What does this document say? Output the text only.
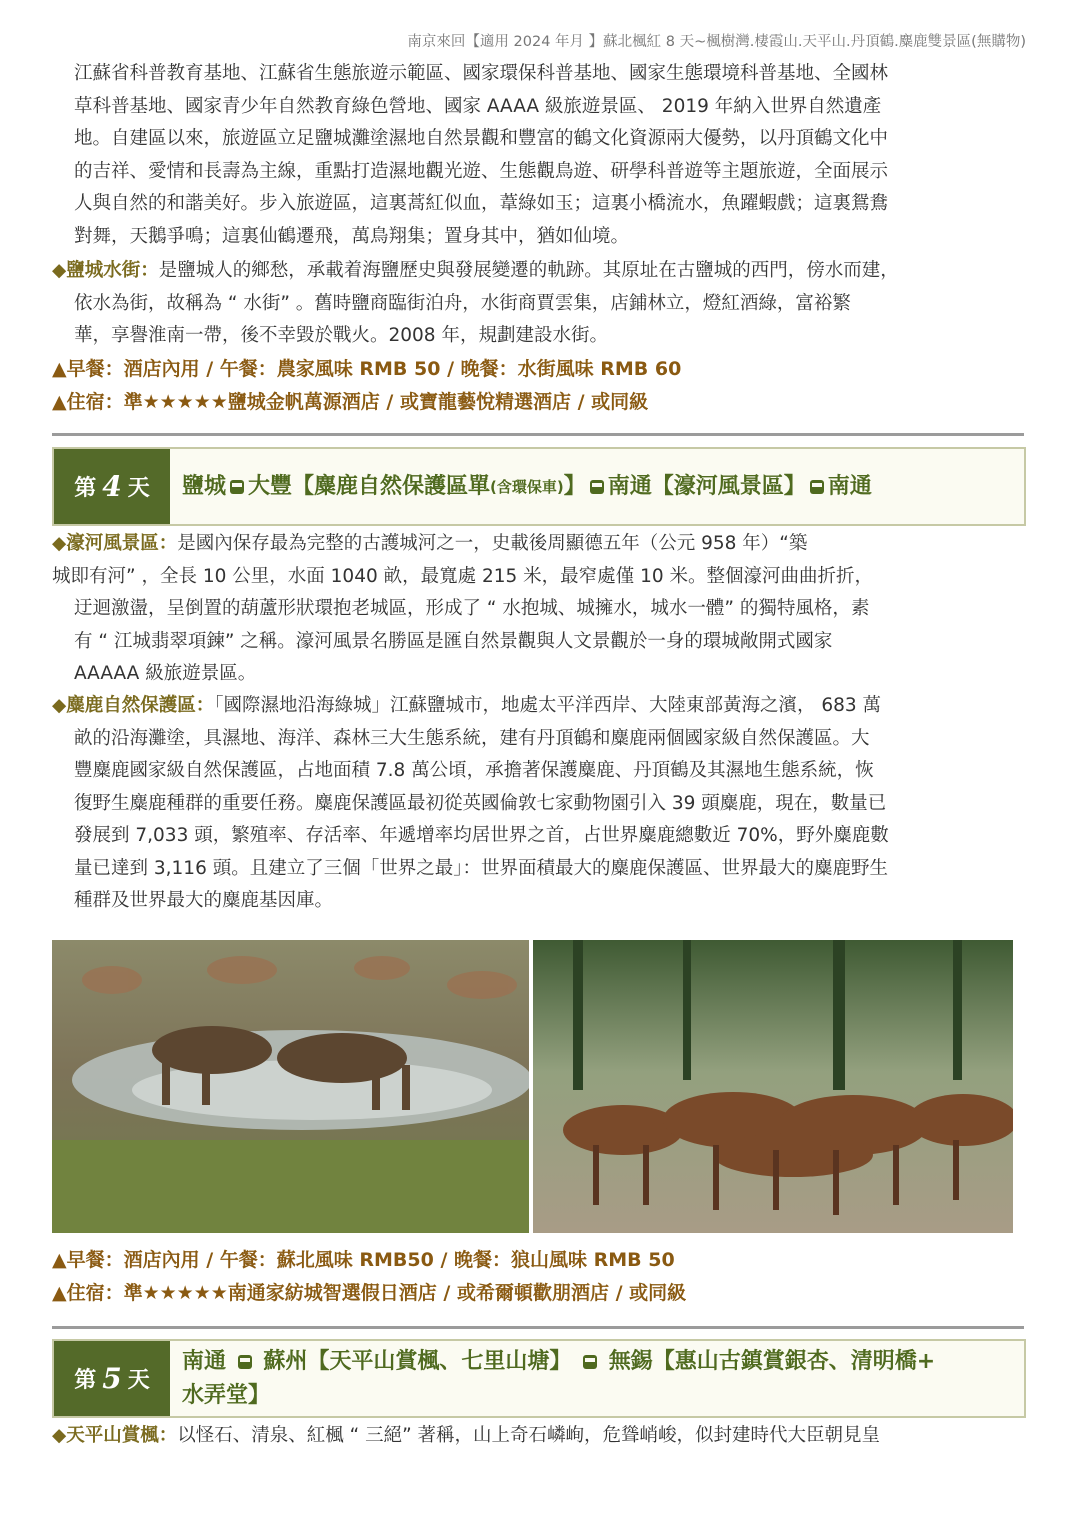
南京來回【適用 2024 年月 】蘇北楓紅 8 天~楓樹灣.棲霞山.天平山.丹頂鶴.麋鹿雙景區(無購物)
江蘇省科普教育基地、江蘇省生態旅遊示範區、國家環保科普基地、國家生態環境科普基地、全國林
草科普基地、國家青少年自然教育綠色營地、國家 AAAA 級旅遊景區、 2019 年納入世界自然遺產
地。自建區以來，旅遊區立足鹽城灘塗濕地自然景觀和豐富的鶴文化資源兩大優勢，以丹頂鶴文化中
的吉祥、愛情和長壽為主線，重點打造濕地觀光遊、生態觀鳥遊、研學科普遊等主題旅遊，全面展示
人與自然的和諧美好。步入旅遊區，這裏蒿紅似血，葦綠如玉；這裏小橋流水，魚躍蝦戲；這裏鴛鴦
對舞，天鵝爭鳴；這裏仙鶴遷飛，萬鳥翔集；置身其中，猶如仙境。
◆鹽城水街：是鹽城人的鄉愁，承載着海鹽歷史與發展變遷的軌跡。其原址在古鹽城的西門，傍水而建，
依水為街，故稱為 “ 水街” 。舊時鹽商臨街泊舟，水街商賈雲集，店鋪林立，燈紅酒綠，富裕繁
華，享譽淮南一帶，後不幸毀於戰火。2008 年，規劃建設水街。
▲早餐：酒店內用 / 午餐：農家風味 RMB 50 / 晚餐：水街風味 RMB 60
▲住宿：準★★★★★鹽城金帆萬源酒店 / 或寶龍藝悅精選酒店 / 或同級
第 4 天 鹽城 大豐【麋鹿自然保護區單 (含環保車) 】 南通【濠河風景區】 南通
◆濠河風景區：是國內保存最為完整的古護城河之一，史載後周顯德五年（公元 958 年）“築
城即有河” ，全長 10 公里，水面 1040 畝，最寬處 215 米，最窄處僅 10 米。整個濠河曲曲折折，
迂迴激盪，呈倒置的葫蘆形狀環抱老城區，形成了 “ 水抱城、城擁水，城水一體” 的獨特風格，素
有 “ 江城翡翠項鍊” 之稱。濠河風景名勝區是匯自然景觀與人文景觀於一身的環城敞開式國家
AAAAA 級旅遊景區。
◆麋鹿自然保護區：「國際濕地沿海綠城」江蘇鹽城市，地處太平洋西岸、大陸東部黃海之濱， 683 萬
畝的沿海灘塗，具濕地、海洋、森林三大生態系統，建有丹頂鶴和麋鹿兩個國家級自然保護區。大
豐麋鹿國家級自然保護區，占地面積 7.8 萬公頃，承擔著保護麋鹿、丹頂鶴及其濕地生態系統，恢
復野生麋鹿種群的重要任務。麋鹿保護區最初從英國倫敦七家動物園引入 39 頭麋鹿，現在，數量已
發展到 7,033 頭，繁殖率、存活率、年遞增率均居世界之首，占世界麋鹿總數近 70%，野外麋鹿數
量已達到 3,116 頭。且建立了三個「世界之最」：世界面積最大的麋鹿保護區、世界最大的麋鹿野生
種群及世界最大的麋鹿基因庫。
▲早餐：酒店內用 / 午餐：蘇北風味 RMB50 / 晚餐：狼山風味 RMB 50
▲住宿：準★★★★★南通家紡城智選假日酒店 / 或希爾頓歡朋酒店 / 或同級
第 5 天
南通 蘇州【天平山賞楓、七里山塘】 無錫【惠山古鎮賞銀杏、清明橋+
水弄堂】
◆天平山賞楓：以怪石、清泉、紅楓 “ 三絕” 著稱，山上奇石嶙峋，危聳峭峻，似封建時代大臣朝見皇
